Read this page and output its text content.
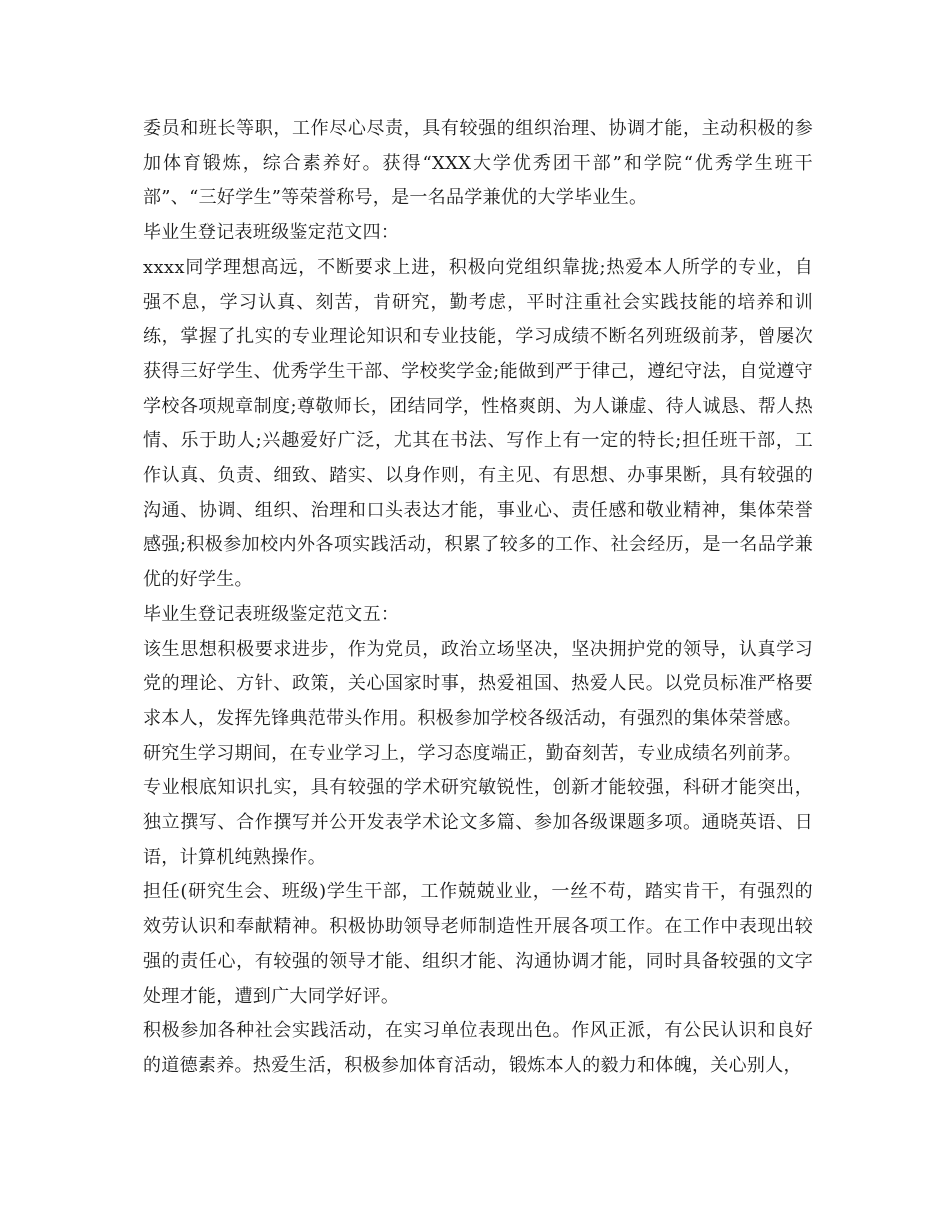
委员和班长等职，工作尽心尽责，具有较强的组织治理、协调才能，主动积极的参加体育锻炼，综合素养好。获得“XXX大学优秀团干部”和学院“优秀学生班干部”、“三好学生”等荣誉称号，是一名品学兼优的大学毕业生。

毕业生登记表班级鉴定范文四：

xxxx同学理想高远，不断要求上进，积极向党组织靠拢;热爱本人所学的专业，自强不息，学习认真、刻苦，肯研究，勤考虑，平时注重社会实践技能的培养和训练，掌握了扎实的专业理论知识和专业技能，学习成绩不断名列班级前茅，曾屡次获得三好学生、优秀学生干部、学校奖学金;能做到严于律己，遵纪守法，自觉遵守学校各项规章制度;尊敬师长，团结同学，性格爽朗、为人谦虚、待人诚恳、帮人热情、乐于助人;兴趣爱好广泛，尤其在书法、写作上有一定的特长;担任班干部，工作认真、负责、细致、踏实、以身作则，有主见、有思想、办事果断，具有较强的沟通、协调、组织、治理和口头表达才能，事业心、责任感和敬业精神，集体荣誉感强;积极参加校内外各项实践活动，积累了较多的工作、社会经历，是一名品学兼优的好学生。

毕业生登记表班级鉴定范文五：

该生思想积极要求进步，作为党员，政治立场坚决，坚决拥护党的领导，认真学习党的理论、方针、政策，关心国家时事，热爱祖国、热爱人民。以党员标准严格要求本人，发挥先锋典范带头作用。积极参加学校各级活动，有强烈的集体荣誉感。

研究生学习期间，在专业学习上，学习态度端正，勤奋刻苦，专业成绩名列前茅。

专业根底知识扎实，具有较强的学术研究敏锐性，创新才能较强，科研才能突出，独立撰写、合作撰写并公开发表学术论文多篇、参加各级课题多项。通晓英语、日语，计算机纯熟操作。

担任(研究生会、班级)学生干部，工作兢兢业业，一丝不苟，踏实肯干，有强烈的效劳认识和奉献精神。积极协助领导老师制造性开展各项工作。在工作中表现出较强的责任心，有较强的领导才能、组织才能、沟通协调才能，同时具备较强的文字处理才能，遭到广大同学好评。

积极参加各种社会实践活动，在实习单位表现出色。作风正派，有公民认识和良好的道德素养。热爱生活，积极参加体育活动，锻炼本人的毅力和体魄，关心别人，
